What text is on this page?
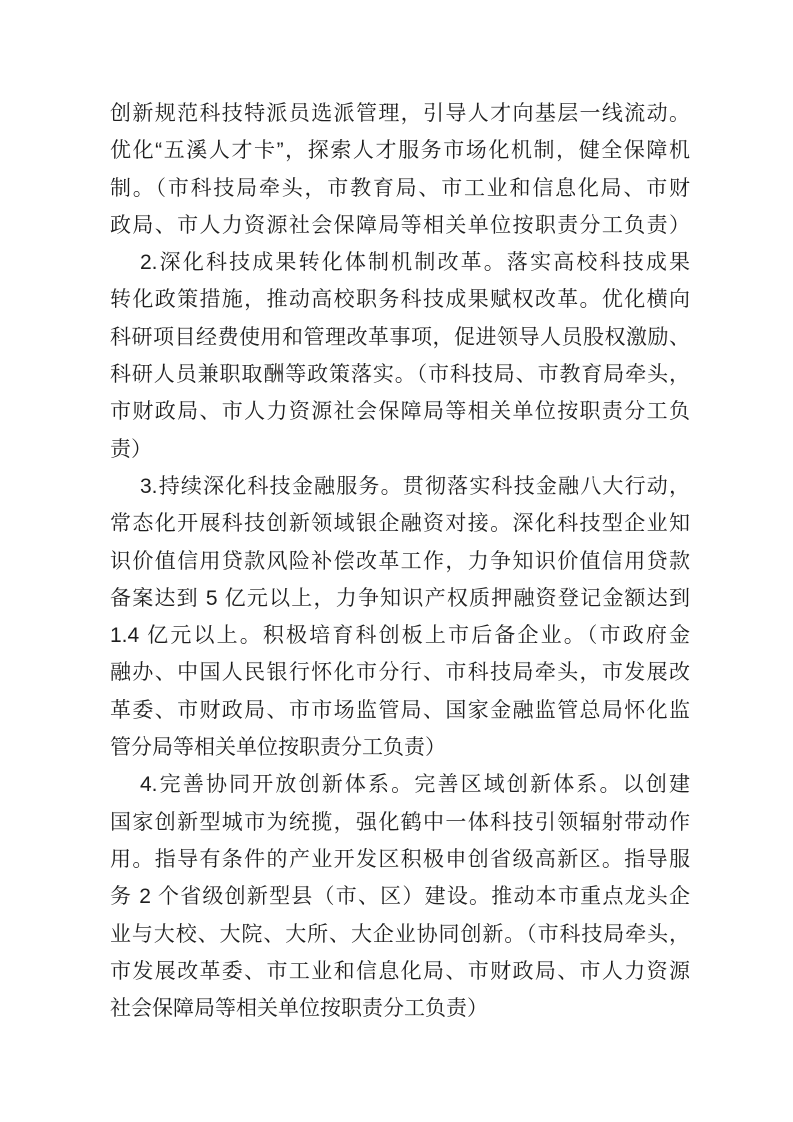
创新规范科技特派员选派管理，引导人才向基层一线流动。
优化“五溪人才卡”，探索人才服务市场化机制，健全保障机
制。（市科技局牵头，市教育局、市工业和信息化局、市财
政局、市人力资源社会保障局等相关单位按职责分工负责）

2.深化科技成果转化体制机制改革。落实高校科技成果
转化政策措施，推动高校职务科技成果赋权改革。优化横向
科研项目经费使用和管理改革事项，促进领导人员股权激励、
科研人员兼职取酬等政策落实。（市科技局、市教育局牵头，
市财政局、市人力资源社会保障局等相关单位按职责分工负
责）

3.持续深化科技金融服务。贯彻落实科技金融八大行动，
常态化开展科技创新领域银企融资对接。深化科技型企业知
识价值信用贷款风险补偿改革工作，力争知识价值信用贷款
备案达到 5 亿元以上，力争知识产权质押融资登记金额达到
1.4 亿元以上。积极培育科创板上市后备企业。（市政府金
融办、中国人民银行怀化市分行、市科技局牵头，市发展改
革委、市财政局、市市场监管局、国家金融监管总局怀化监
管分局等相关单位按职责分工负责）

4.完善协同开放创新体系。完善区域创新体系。以创建
国家创新型城市为统揽，强化鹤中一体科技引领辐射带动作
用。指导有条件的产业开发区积极申创省级高新区。指导服
务 2 个省级创新型县（市、区）建设。推动本市重点龙头企
业与大校、大院、大所、大企业协同创新。（市科技局牵头，
市发展改革委、市工业和信息化局、市财政局、市人力资源
社会保障局等相关单位按职责分工负责）
